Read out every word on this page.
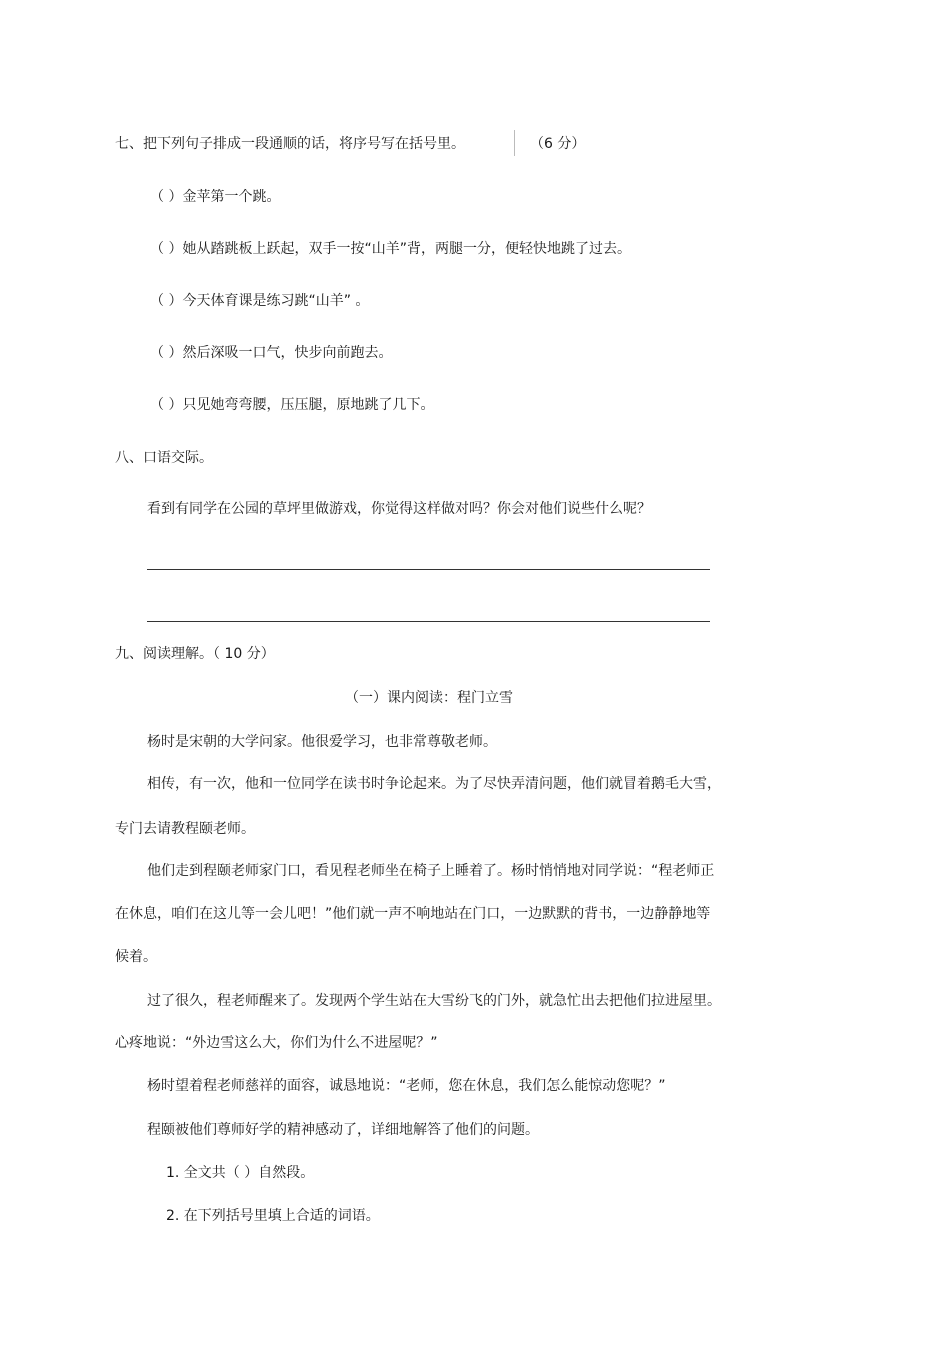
七、把下列句子排成一段通顺的话，将序号写在括号里。	（6 分）
（ ）金苹第一个跳。
（ ）她从踏跳板上跃起，双手一按“山羊”背，两腿一分，便轻快地跳了过去。
（ ）今天体育课是练习跳“山羊” 。
（ ）然后深吸一口气，快步向前跑去。
（ ）只见她弯弯腰，压压腿，原地跳了几下。
八、口语交际。
看到有同学在公园的草坪里做游戏，你觉得这样做对吗？你会对他们说些什么呢？
九、阅读理解。（ 10 分）
（一）课内阅读：程门立雪
杨时是宋朝的大学问家。他很爱学习，也非常尊敬老师。
相传，有一次，他和一位同学在读书时争论起来。为了尽快弄清问题，他们就冒着鹅毛大雪，
专门去请教程颐老师。
他们走到程颐老师家门口，看见程老师坐在椅子上睡着了。杨时悄悄地对同学说：“程老师正
在休息，咱们在这儿等一会儿吧！”他们就一声不响地站在门口，一边默默的背书，一边静静地等
候着。
过了很久，程老师醒来了。发现两个学生站在大雪纷飞的门外，就急忙出去把他们拉进屋里。
心疼地说：“外边雪这么大，你们为什么不进屋呢？”
杨时望着程老师慈祥的面容，诚恳地说：“老师，您在休息，我们怎么能惊动您呢？”
程颐被他们尊师好学的精神感动了，详细地解答了他们的问题。
1. 全文共（ ）自然段。
2. 在下列括号里填上合适的词语。
